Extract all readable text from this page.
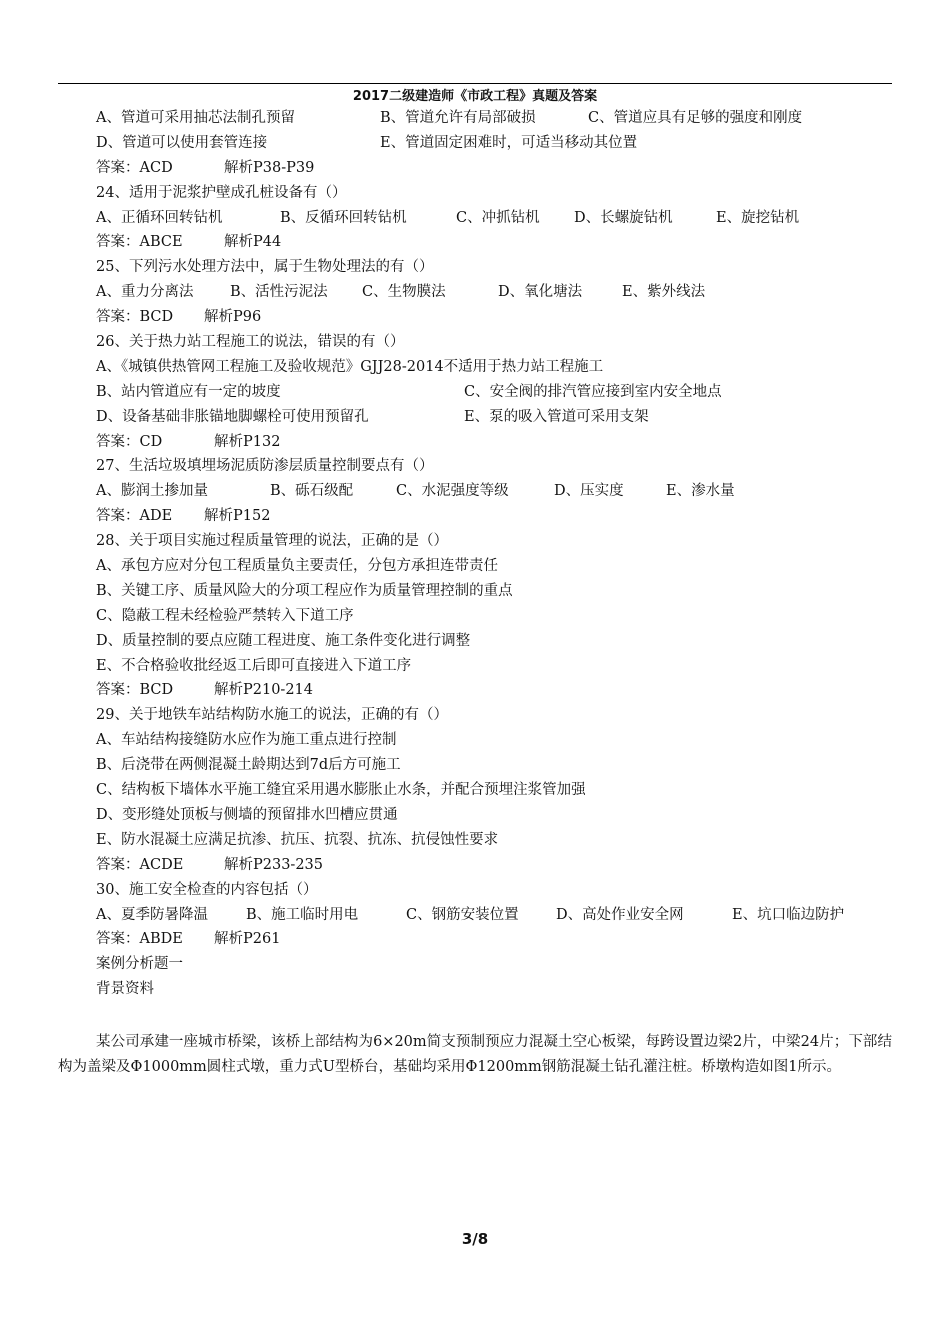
2017二级建造师《市政工程》真题及答案
A、管道可采用抽芯法制孔预留	B、管道允许有局部破损	C、管道应具有足够的强度和刚度
D、管道可以使用套管连接	E、管道固定困难时，可适当移动其位置
答案：ACD	解析P38-P39
24、适用于泥浆护壁成孔桩设备有（）
A、正循环回转钻机	B、反循环回转钻机	C、冲抓钻机 D、长螺旋钻机	E、旋挖钻机
答案：ABCE	解析P44
25、下列污水处理方法中，属于生物处理法的有（）
A、重力分离法	B、活性污泥法 C、生物膜法	D、氧化塘法	E、紫外线法
答案：BCD 解析P96
26、关于热力站工程施工的说法，错误的有（）
A、《城镇供热管网工程施工及验收规范》GJJ28-2014不适用于热力站工程施工
B、站内管道应有一定的坡度	C、安全阀的排汽管应接到室内安全地点
D、设备基础非胀锚地脚螺栓可使用预留孔	E、泵的吸入管道可采用支架
答案：CD	解析P132
27、生活垃圾填埋场泥质防渗层质量控制要点有（）
A、膨润土掺加量	B、砾石级配	C、水泥强度等级	D、压实度	E、渗水量
答案：ADE 解析P152
28、关于项目实施过程质量管理的说法，正确的是（）
A、承包方应对分包工程质量负主要责任，分包方承担连带责任
B、关键工序、质量风险大的分项工程应作为质量管理控制的重点
C、隐蔽工程未经检验严禁转入下道工序
D、质量控制的要点应随工程进度、施工条件变化进行调整
E、不合格验收批经返工后即可直接进入下道工序
答案：BCD	解析P210-214
29、关于地铁车站结构防水施工的说法，正确的有（）
A、车站结构接缝防水应作为施工重点进行控制
B、后浇带在两侧混凝土龄期达到7d后方可施工
C、结构板下墙体水平施工缝宜采用遇水膨胀止水条，并配合预埋注浆管加强
D、变形缝处顶板与侧墙的预留排水凹槽应贯通
E、防水混凝土应满足抗渗、抗压、抗裂、抗冻、抗侵蚀性要求
答案：ACDE	解析P233-235
30、施工安全检查的内容包括（）
A、夏季防暑降温	B、施工临时用电	C、钢筋安装位置	D、高处作业安全网	E、坑口临边防护
答案：ABDE 解析P261
案例分析题一
背景资料
某公司承建一座城市桥梁，该桥上部结构为6×20m简支预制预应力混凝土空心板梁，每跨设置边梁2片，中梁24片；下部结构为盖梁及Φ1000mm圆柱式墩，重力式U型桥台，基础均采用Φ1200mm钢筋混凝土钻孔灌注桩。桥墩构造如图1所示。
3/8
